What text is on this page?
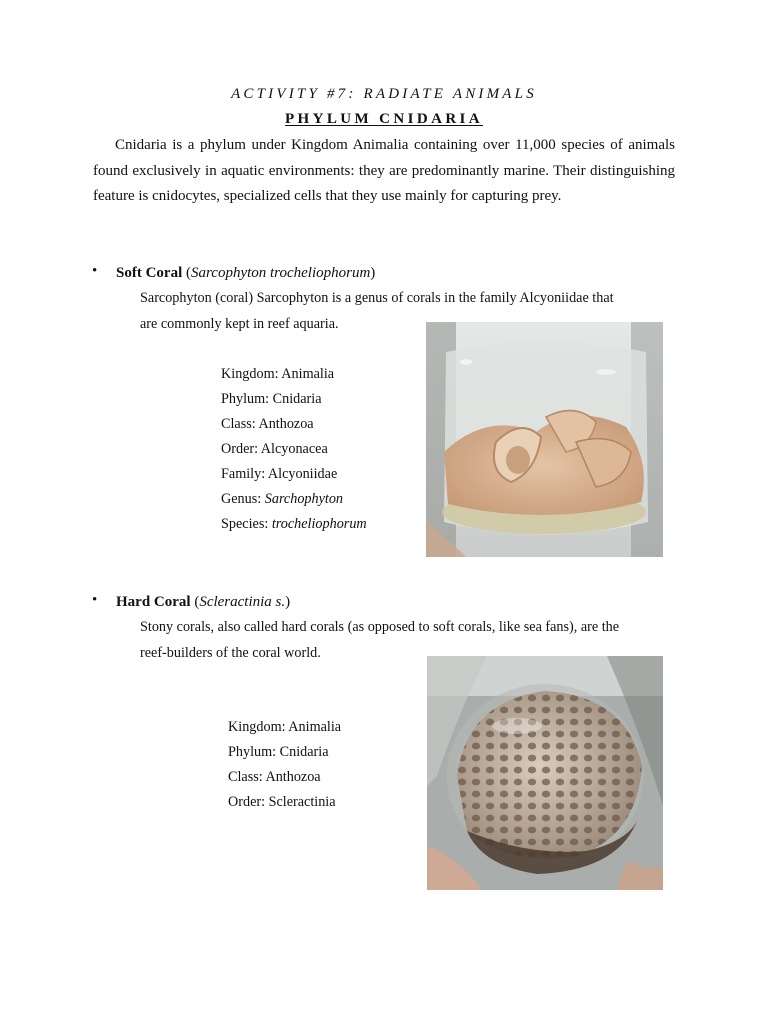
ACTIVITY #7: RADIATE ANIMALS
PHYLUM CNIDARIA
Cnidaria is a phylum under Kingdom Animalia containing over 11,000 species of animals found exclusively in aquatic environments: they are predominantly marine. Their distinguishing feature is cnidocytes, specialized cells that they use mainly for capturing prey.
• Soft Coral (Sarcophyton trocheliophorum)
Sarcophyton (coral) Sarcophyton is a genus of corals in the family Alcyoniidae that
are commonly kept in reef aquaria.
Kingdom: Animalia
Phylum: Cnidaria
Class: Anthozoa
Order: Alcyonacea
Family: Alcyoniidae
Genus: Sarchophyton
Species: trocheliophorum
• Hard Coral (Scleractinia s.)
Stony corals, also called hard corals (as opposed to soft corals, like sea fans), are the
reef-builders of the coral world.
Kingdom: Animalia
Phylum: Cnidaria
Class: Anthozoa
Order: Scleractinia
